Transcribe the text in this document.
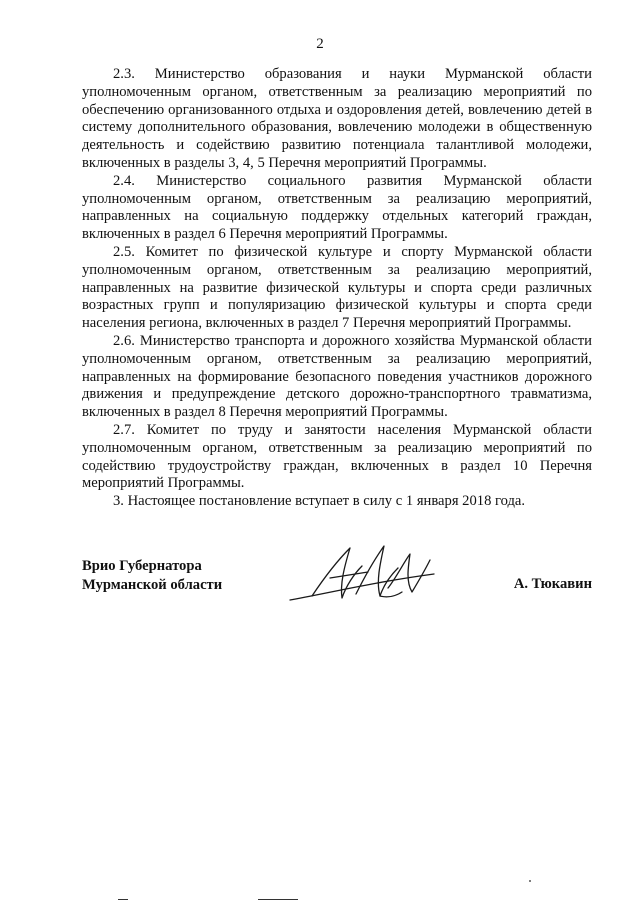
2

2.3. Министерство образования и науки Мурманской области уполномоченным органом, ответственным за реализацию мероприятий по обеспечению организованного отдыха и оздоровления детей, вовлечению детей в систему дополнительного образования, вовлечению молодежи в общественную деятельность и содействию развитию потенциала талантливой молодежи, включенных в разделы 3, 4, 5 Перечня мероприятий Программы.

2.4. Министерство социального развития Мурманской области уполномоченным органом, ответственным за реализацию мероприятий, направленных на социальную поддержку отдельных категорий граждан, включенных в раздел 6 Перечня мероприятий Программы.

2.5. Комитет по физической культуре и спорту Мурманской области уполномоченным органом, ответственным за реализацию мероприятий, направленных на развитие физической культуры и спорта среди различных возрастных групп и популяризацию физической культуры и спорта среди населения региона, включенных в раздел 7 Перечня мероприятий Программы.

2.6. Министерство транспорта и дорожного хозяйства Мурманской области уполномоченным органом, ответственным за реализацию мероприятий, направленных на формирование безопасного поведения участников дорожного движения и предупреждение детского дорожно-транспортного травматизма, включенных в раздел 8 Перечня мероприятий Программы.

2.7. Комитет по труду и занятости населения Мурманской области уполномоченным органом, ответственным за реализацию мероприятий по содействию трудоустройству граждан, включенных в раздел 10 Перечня мероприятий Программы.

3. Настоящее постановление вступает в силу с 1 января 2018 года.

Врио Губернатора
Мурманской области	А. Тюкавин
